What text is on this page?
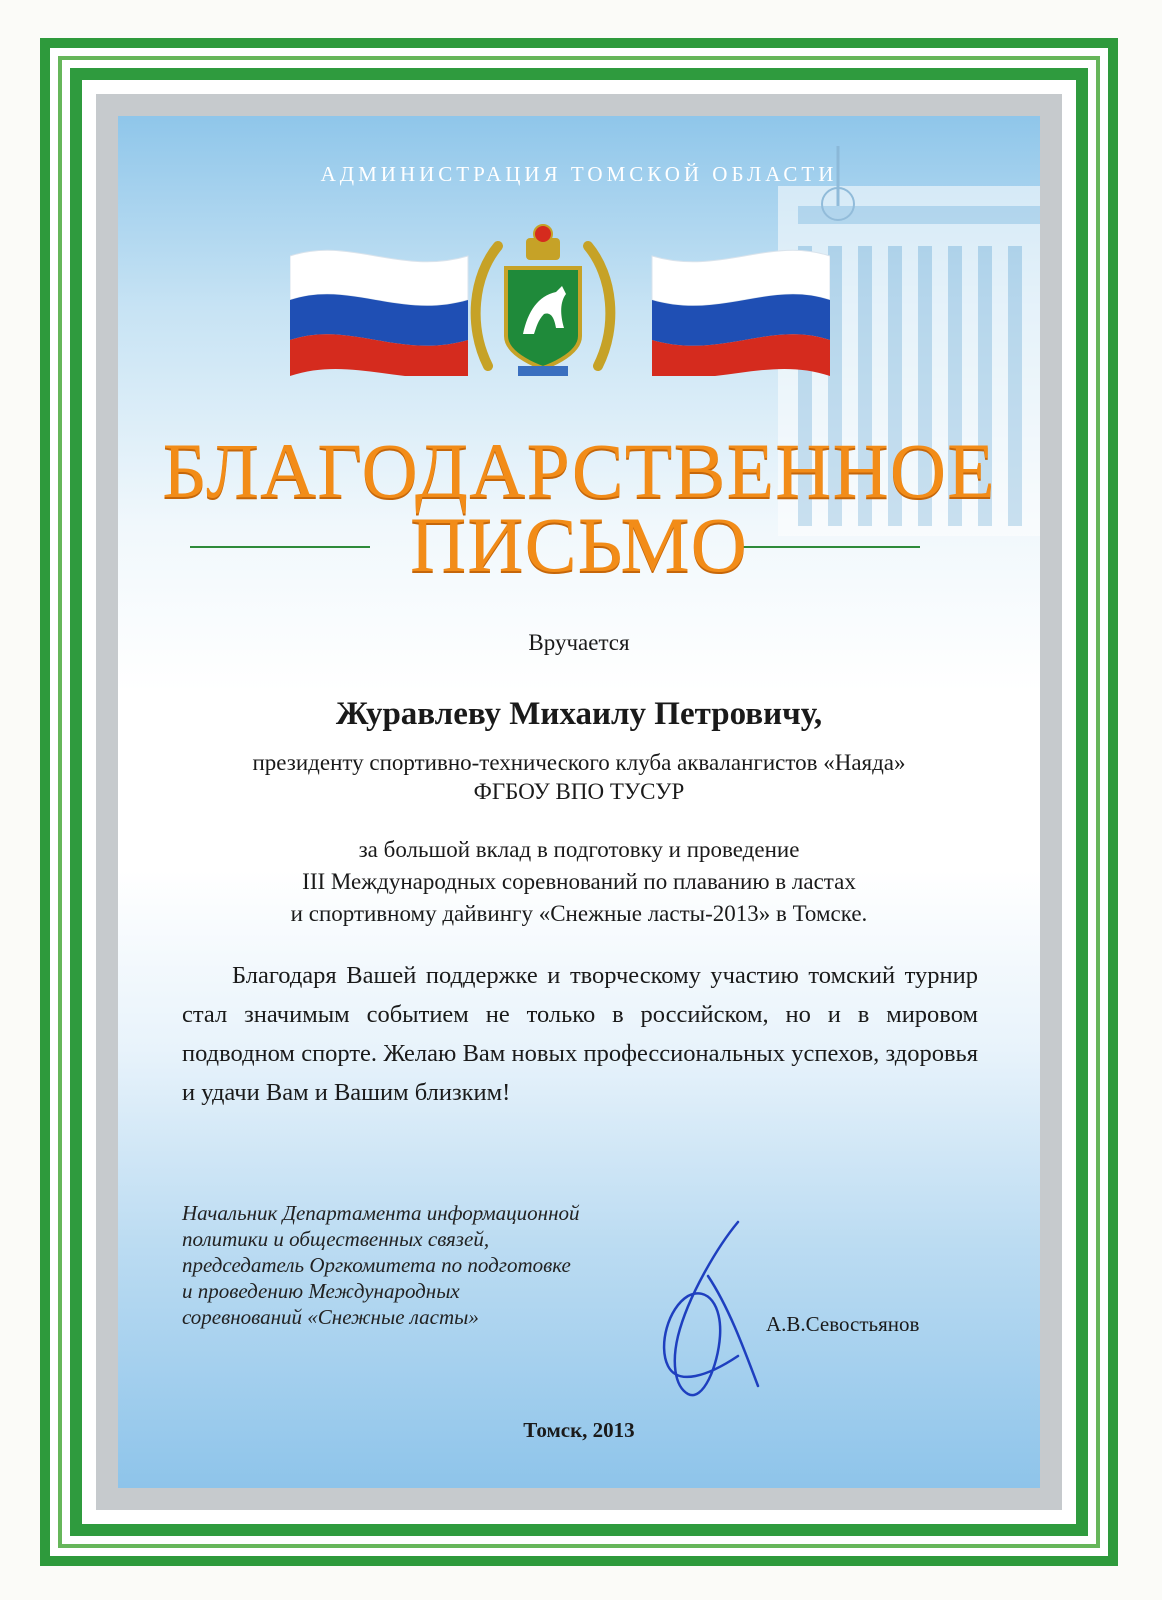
АДМИНИСТРАЦИЯ ТОМСКОЙ ОБЛАСТИ
БЛАГОДАРСТВЕННОЕ
ПИСЬМО
Вручается
Журавлеву Михаилу Петровичу,
президенту спортивно-технического клуба аквалангистов «Наяда»
ФГБОУ ВПО ТУСУР
за большой вклад в подготовку и проведение
III Международных соревнований по плаванию в ластах
и спортивному дайвингу «Снежные ласты-2013» в Томске.
Благодаря Вашей поддержке и творческому участию томский турнир стал значимым событием не только в российском, но и в мировом подводном спорте. Желаю Вам новых профессиональных успехов, здоровья и удачи Вам и Вашим близким!
Начальник Департамента информационной
политики и общественных связей,
председатель Оргкомитета по подготовке
и проведению Международных
соревнований «Снежные ласты»	А.В.Севостьянов
Томск, 2013
